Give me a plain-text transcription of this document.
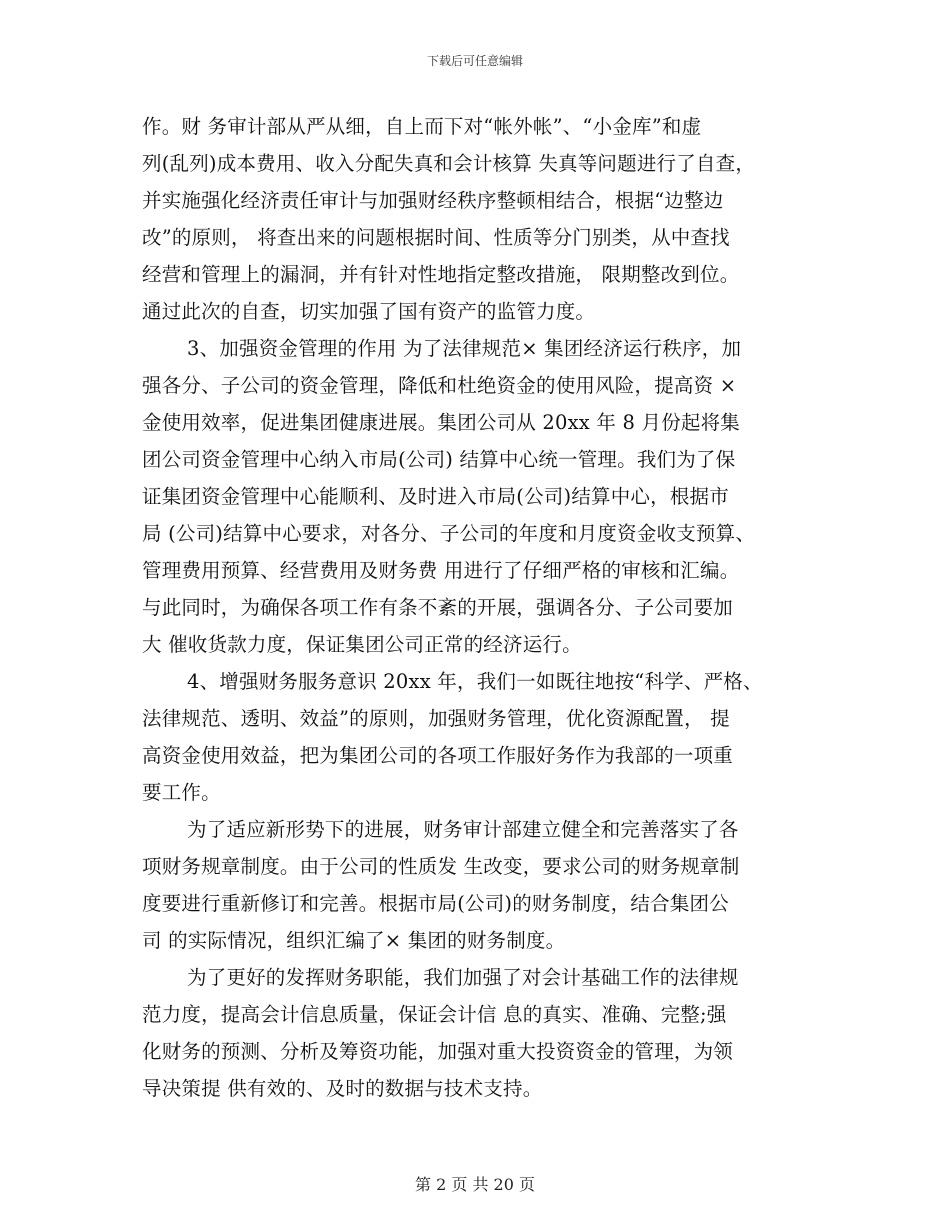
下载后可任意编辑
作。财 务审计部从严从细，自上而下对“帐外帐”、“小金库”和虚
列(乱列)成本费用、收入分配失真和会计核算 失真等问题进行了自查，
并实施强化经济责任审计与加强财经秩序整顿相结合，根据“边整边
改”的原则， 将查出来的问题根据时间、性质等分门别类，从中查找
经营和管理上的漏洞，并有针对性地指定整改措施， 限期整改到位。
通过此次的自查，切实加强了国有资产的监管力度。
3、加强资金管理的作用 为了法律规范× 集团经济运行秩序，加
强各分、子公司的资金管理，降低和杜绝资金的使用风险，提高资 ×
金使用效率，促进集团健康进展。集团公司从 20xx 年 8 月份起将集
团公司资金管理中心纳入市局(公司) 结算中心统一管理。我们为了保
证集团资金管理中心能顺利、及时进入市局(公司)结算中心，根据市
局 (公司)结算中心要求，对各分、子公司的年度和月度资金收支预算、
管理费用预算、经营费用及财务费 用进行了仔细严格的审核和汇编。
与此同时，为确保各项工作有条不紊的开展，强调各分、子公司要加
大 催收货款力度，保证集团公司正常的经济运行。
4、增强财务服务意识 20xx 年，我们一如既往地按“科学、严格、
法律规范、透明、效益”的原则，加强财务管理，优化资源配置， 提
高资金使用效益，把为集团公司的各项工作服好务作为我部的一项重
要工作。
为了适应新形势下的进展，财务审计部建立健全和完善落实了各
项财务规章制度。由于公司的性质发 生改变，要求公司的财务规章制
度要进行重新修订和完善。根据市局(公司)的财务制度，结合集团公
司 的实际情况，组织汇编了× 集团的财务制度。
为了更好的发挥财务职能，我们加强了对会计基础工作的法律规
范力度，提高会计信息质量，保证会计信 息的真实、准确、完整;强
化财务的预测、分析及筹资功能，加强对重大投资资金的管理，为领
导决策提 供有效的、及时的数据与技术支持。
第 2 页 共 20 页
